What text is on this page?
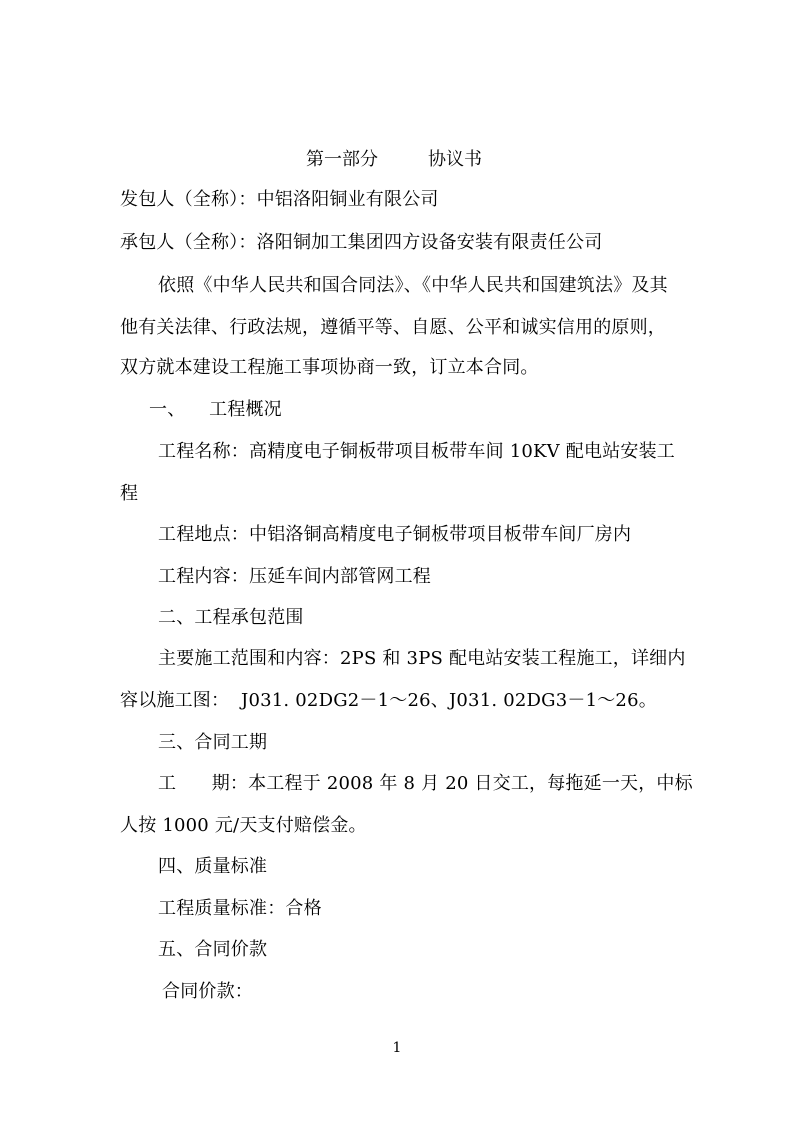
第一部分	协议书
发包人（全称）：中铝洛阳铜业有限公司
承包人（全称）：洛阳铜加工集团四方设备安装有限责任公司
依照《中华人民共和国合同法》、《中华人民共和国建筑法》及其
他有关法律、行政法规，遵循平等、自愿、公平和诚实信用的原则，
双方就本建设工程施工事项协商一致，订立本合同。
一、    工程概况
工程名称：高精度电子铜板带项目板带车间 10KV 配电站安装工
程
工程地点：中铝洛铜高精度电子铜板带项目板带车间厂房内
工程内容：压延车间内部管网工程
二、工程承包范围
主要施工范围和内容：2PS 和 3PS 配电站安装工程施工，详细内
容以施工图：  J031. 02DG2－1～26、J031. 02DG3－1～26。
三、合同工期
工      期：本工程于 2008 年 8 月 20 日交工，每拖延一天，中标
人按 1000 元/天支付赔偿金。
四、质量标准
工程质量标准：合格
五、合同价款
合同价款：
1
